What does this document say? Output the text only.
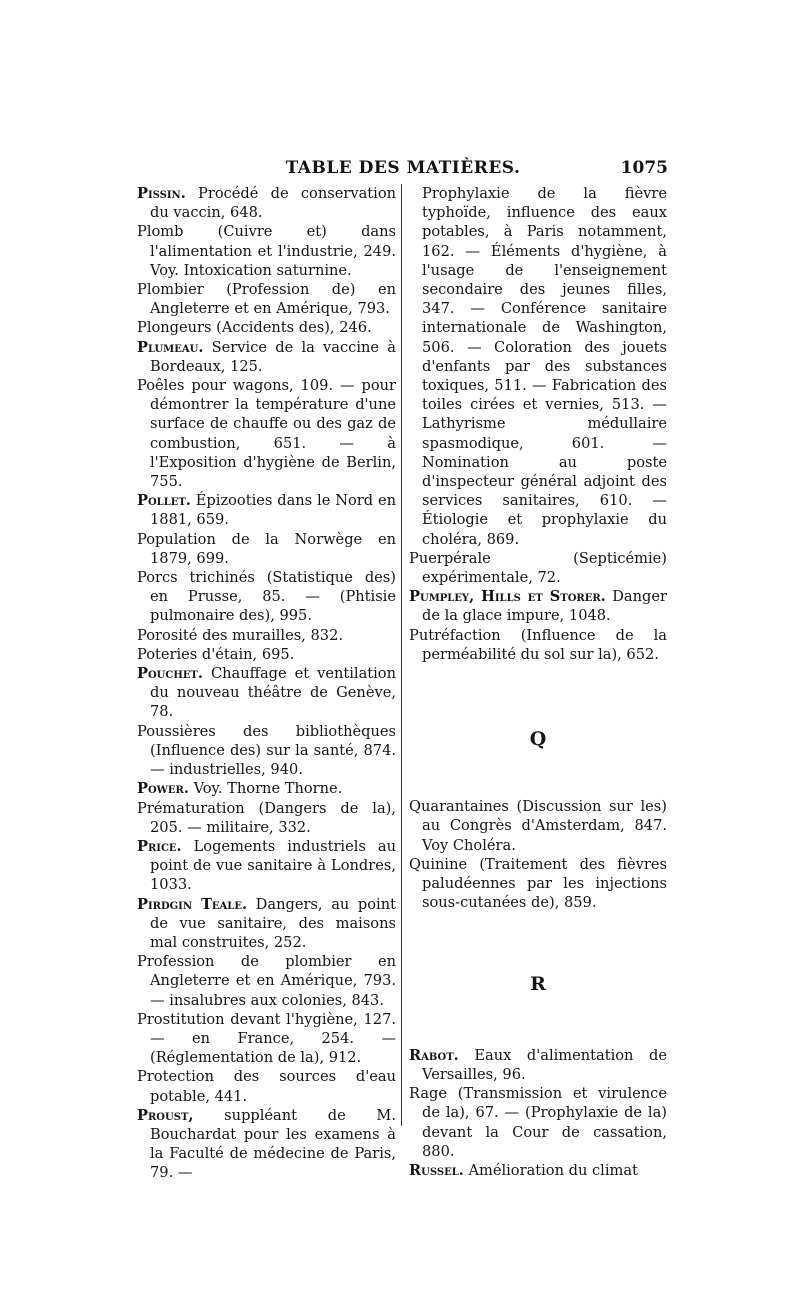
TABLE DES MATIÈRES.	1075

Pissin. Procédé de conservation du vaccin, 648.

Plomb (Cuivre et) dans l'alimentation et l'industrie, 249. Voy. Intoxication saturnine.

Plombier (Profession de) en Angleterre et en Amérique, 793.

Plongeurs (Accidents des), 246.

Plumeau. Service de la vaccine à Bordeaux, 125.

Poêles pour wagons, 109. — pour démontrer la température d'une surface de chauffe ou des gaz de combustion, 651. — à l'Exposition d'hygiène de Berlin, 755.

Pollet. Épizooties dans le Nord en 1881, 659.

Population de la Norwège en 1879, 699.

Porcs trichinés (Statistique des) en Prusse, 85. — (Phtisie pulmonaire des), 995.

Porosité des murailles, 832.

Poteries d'étain, 695.

Pouchet. Chauffage et ventilation du nouveau théâtre de Genève, 78.

Poussières des bibliothèques (Influence des) sur la santé, 874. — industrielles, 940.

Power. Voy. Thorne Thorne.

Prématuration (Dangers de la), 205. — militaire, 332.

Price. Logements industriels au point de vue sanitaire à Londres, 1033.

Pirdgin Teale. Dangers, au point de vue sanitaire, des maisons mal construites, 252.

Profession de plombier en Angleterre et en Amérique, 793. — insalubres aux colonies, 843.

Prostitution devant l'hygiène, 127. — en France, 254. — (Réglementation de la), 912.

Protection des sources d'eau potable, 441.

Proust, suppléant de M. Bouchardat pour les examens à la Faculté de médecine de Paris, 79. —

Prophylaxie de la fièvre typhoïde, influence des eaux potables, à Paris notamment, 162. — Éléments d'hygiène, à l'usage de l'enseignement secondaire des jeunes filles, 347. — Conférence sanitaire internationale de Washington, 506. — Coloration des jouets d'enfants par des substances toxiques, 511. — Fabrication des toiles cirées et vernies, 513. — Lathyrisme médullaire spasmodique, 601. — Nomination au poste d'inspecteur général adjoint des services sanitaires, 610. — Étiologie et prophylaxie du choléra, 869.

Puerpérale (Septicémie) expérimentale, 72.

Pumpley, Hills et Storer. Danger de la glace impure, 1048.

Putréfaction (Influence de la perméabilité du sol sur la), 652.

Q

Quarantaines (Discussion sur les) au Congrès d'Amsterdam, 847. Voy Choléra.

Quinine (Traitement des fièvres paludéennes par les injections sous-cutanées de), 859.

R

Rabot. Eaux d'alimentation de Versailles, 96.

Rage (Transmission et virulence de la), 67. — (Prophylaxie de la) devant la Cour de cassation, 880.

Russel. Amélioration du climat
